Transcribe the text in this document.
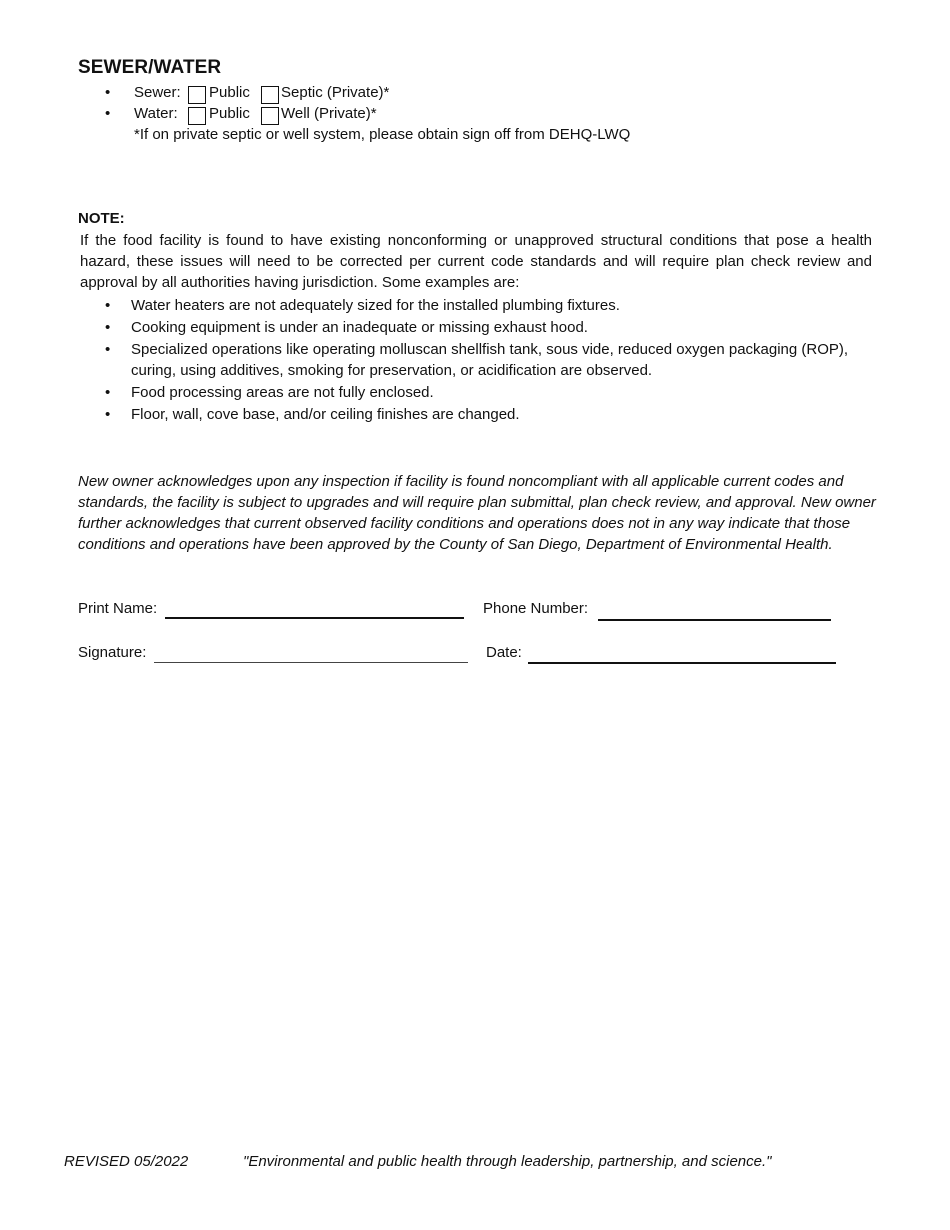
SEWER/WATER
• Sewer: Public Septic (Private)*
• Water: Public Well (Private)*
*If on private septic or well system, please obtain sign off from DEHQ-LWQ
NOTE:
If the food facility is found to have existing nonconforming or unapproved structural conditions that pose a health hazard, these issues will need to be corrected per current code standards and will require plan check review and approval by all authorities having jurisdiction. Some examples are:
• Water heaters are not adequately sized for the installed plumbing fixtures.
• Cooking equipment is under an inadequate or missing exhaust hood.
• Specialized operations like operating molluscan shellfish tank, sous vide, reduced oxygen packaging (ROP), curing, using additives, smoking for preservation, or acidification are observed.
• Food processing areas are not fully enclosed.
• Floor, wall, cove base, and/or ceiling finishes are changed.
New owner acknowledges upon any inspection if facility is found noncompliant with all applicable current codes and standards, the facility is subject to upgrades and will require plan submittal, plan check review, and approval. New owner further acknowledges that current observed facility conditions and operations does not in any way indicate that those conditions and operations have been approved by the County of San Diego, Department of Environmental Health.
Print Name:	Phone Number:
Signature:	Date:
REVISED 05/2022	"Environmental and public health through leadership, partnership, and science."
